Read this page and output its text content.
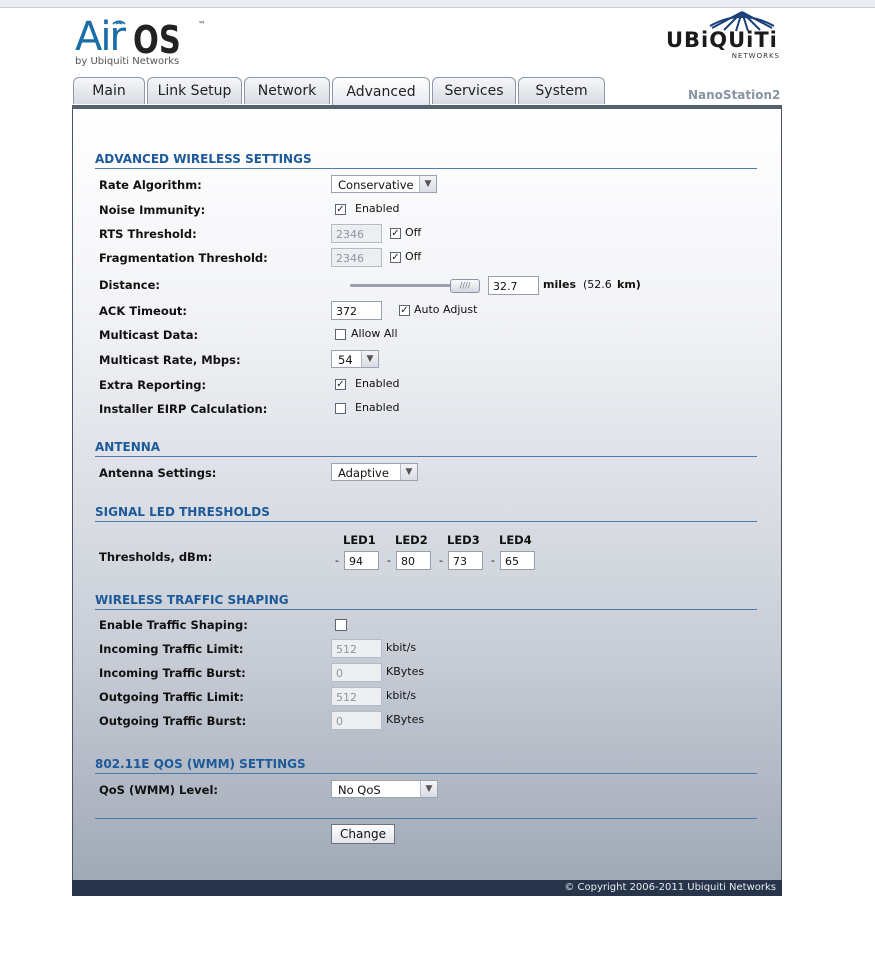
Air OS ™
by Ubiquiti Networks
UBiQUiTi
NETWORKS
Main Link Setup Network Advanced Services System	NanoStation2
ADVANCED WIRELESS SETTINGS
Rate Algorithm:	Conservative	▼
Noise Immunity:	✓ Enabled
RTS Threshold:	2346	✓ Off
Fragmentation Threshold:	2346	✓ Off
Distance:	////	32.7	miles (52.6 km)
ACK Timeout:	372	✓ Auto Adjust
Multicast Data:	Allow All
Multicast Rate, Mbps:	54	▼
Extra Reporting:	✓ Enabled
Installer EIRP Calculation:	Enabled
ANTENNA
Antenna Settings:	Adaptive	▼
SIGNAL LED THRESHOLDS
LED1 LED2 LED3 LED4
Thresholds, dBm:	- 94	- 80	- 73	- 65
WIRELESS TRAFFIC SHAPING
Enable Traffic Shaping:
Incoming Traffic Limit:	512	kbit/s
Incoming Traffic Burst:	0	KBytes
Outgoing Traffic Limit:	512	kbit/s
Outgoing Traffic Burst:	0	KBytes
802.11E QOS (WMM) SETTINGS
QoS (WMM) Level:	No QoS	▼
Change
© Copyright 2006-2011 Ubiquiti Networks
